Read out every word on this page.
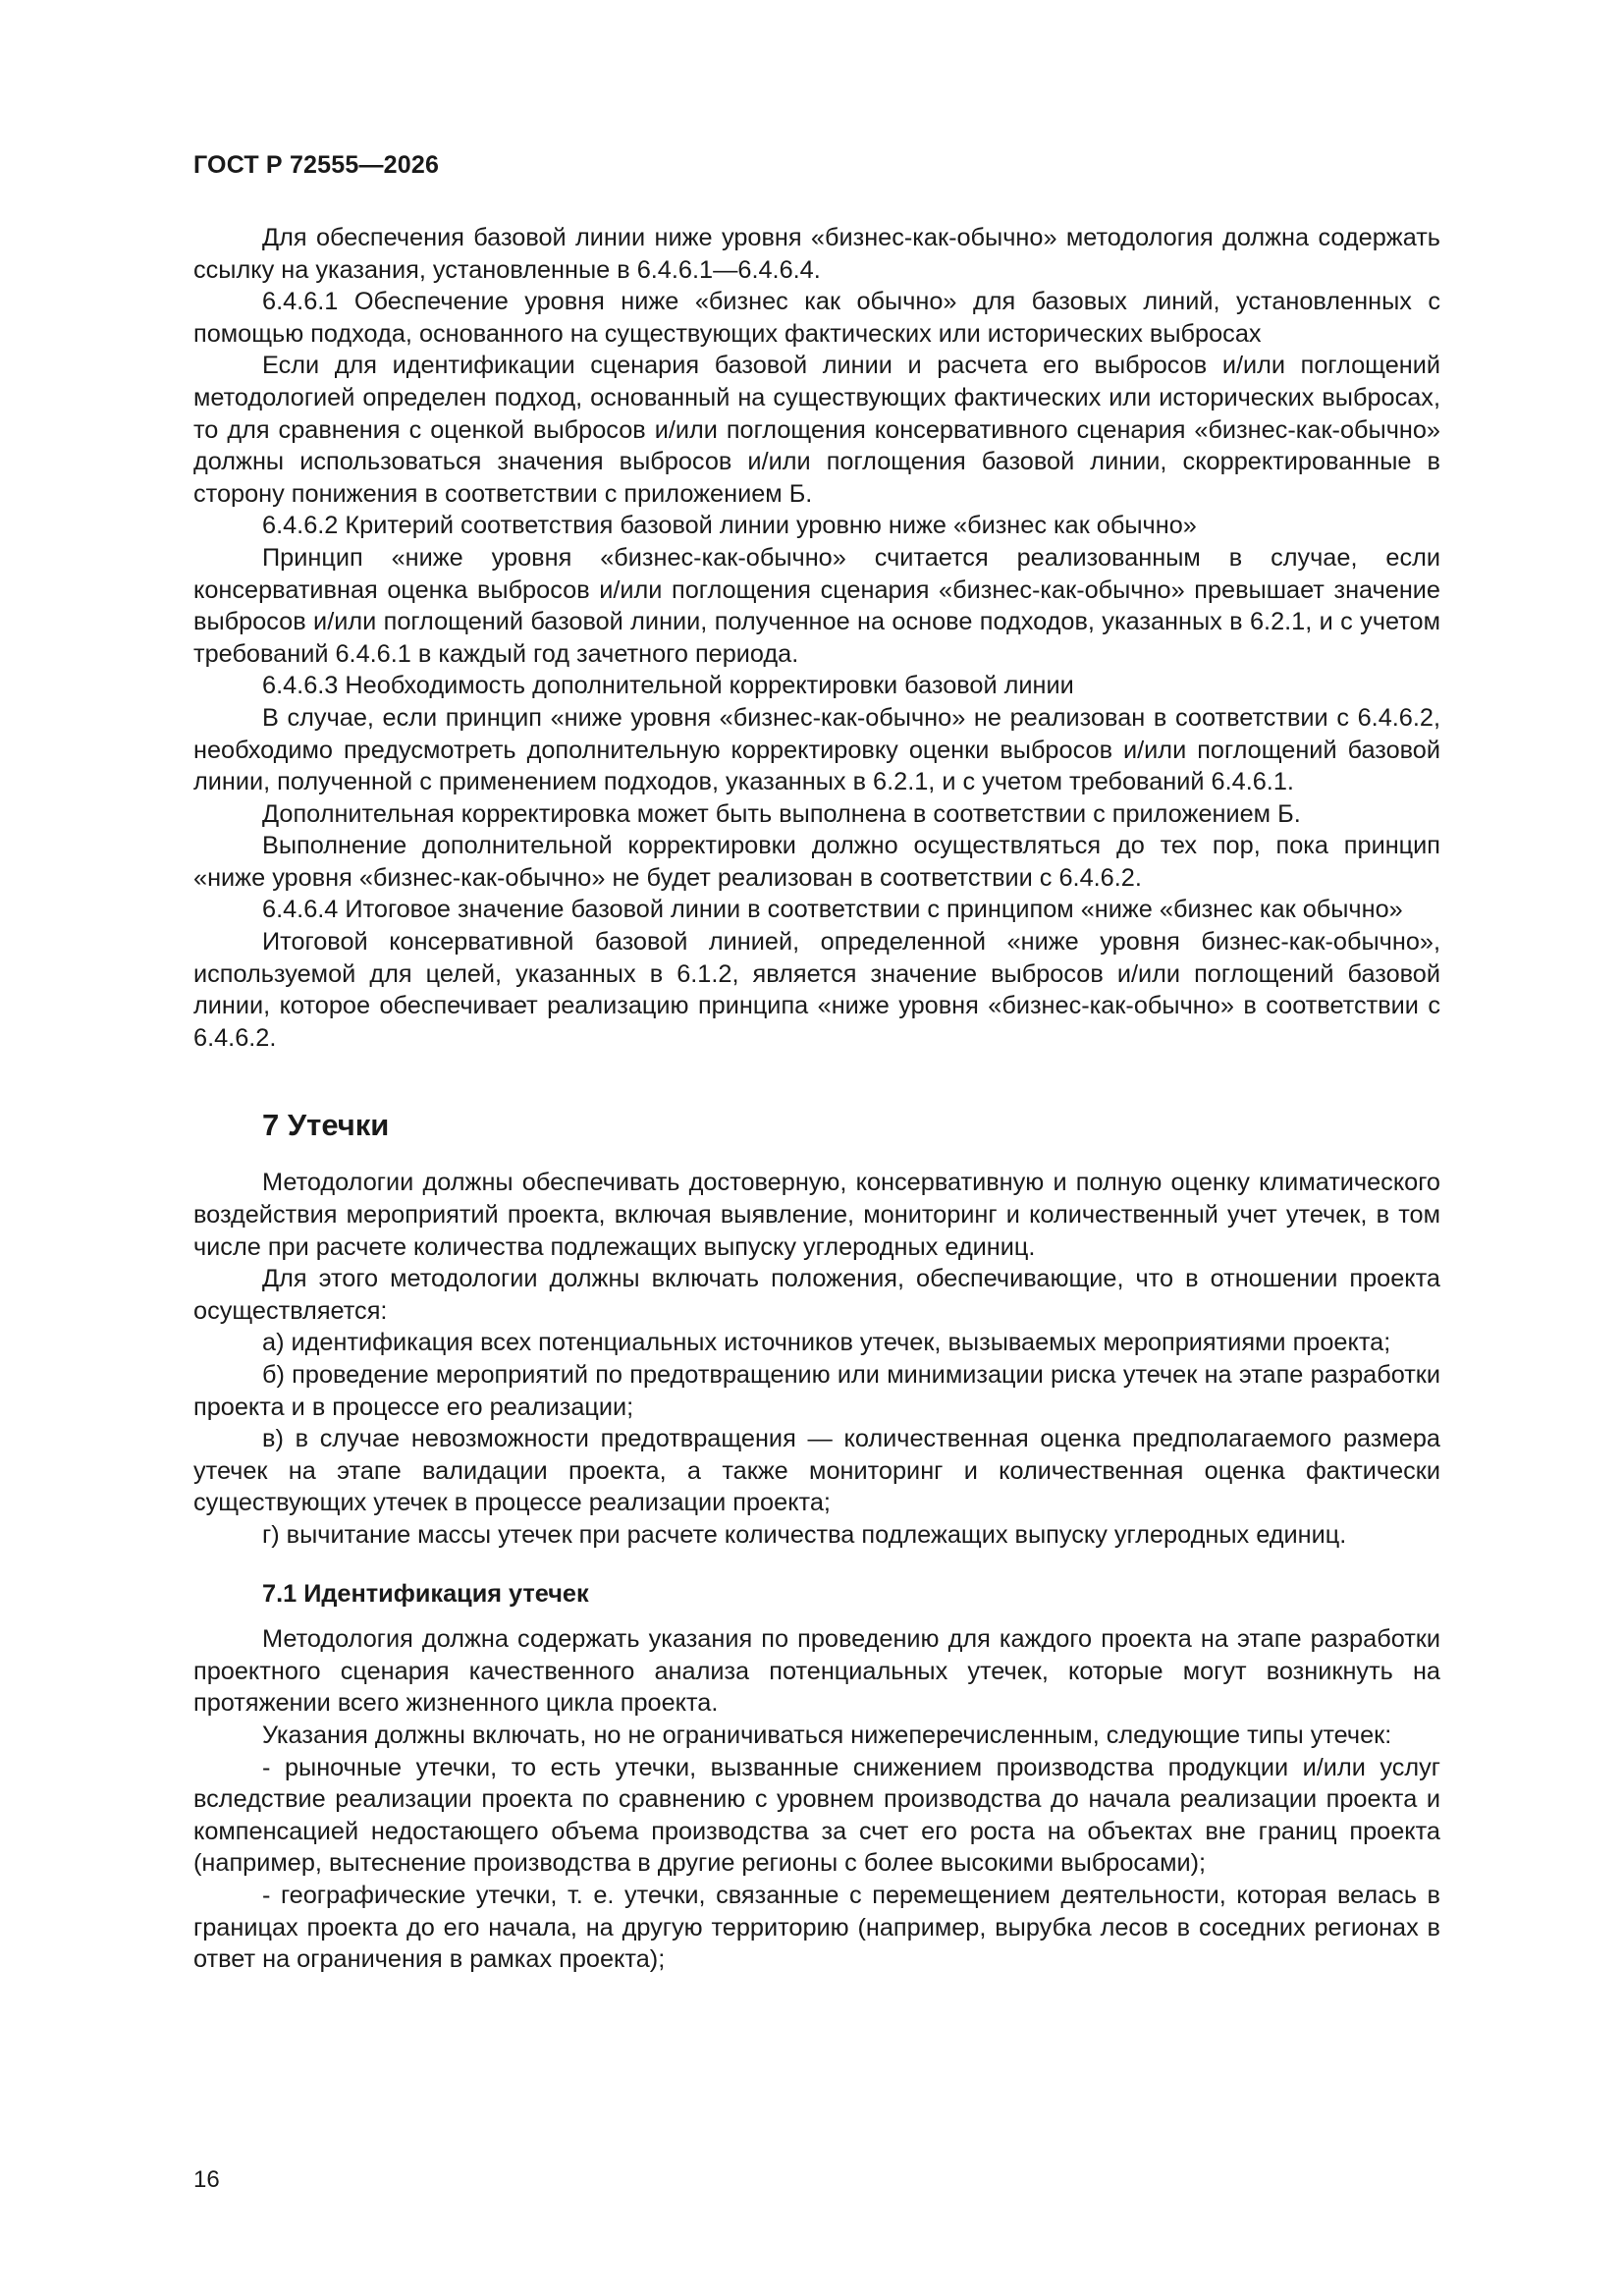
ГОСТ Р 72555—2026

Для обеспечения базовой линии ниже уровня «бизнес-как-обычно» методология должна содержать ссылку на указания, установленные в 6.4.6.1—6.4.6.4.

6.4.6.1 Обеспечение уровня ниже «бизнес как обычно» для базовых линий, установленных с помощью подхода, основанного на существующих фактических или исторических выбросах

Если для идентификации сценария базовой линии и расчета его выбросов и/или поглощений методологией определен подход, основанный на существующих фактических или исторических выбросах, то для сравнения с оценкой выбросов и/или поглощения консервативного сценария «бизнес-как-обычно» должны использоваться значения выбросов и/или поглощения базовой линии, скорректированные в сторону понижения в соответствии с приложением Б.

6.4.6.2 Критерий соответствия базовой линии уровню ниже «бизнес как обычно»

Принцип «ниже уровня «бизнес-как-обычно» считается реализованным в случае, если консервативная оценка выбросов и/или поглощения сценария «бизнес-как-обычно» превышает значение выбросов и/или поглощений базовой линии, полученное на основе подходов, указанных в 6.2.1, и с учетом требований 6.4.6.1 в каждый год зачетного периода.

6.4.6.3 Необходимость дополнительной корректировки базовой линии

В случае, если принцип «ниже уровня «бизнес-как-обычно» не реализован в соответствии с 6.4.6.2, необходимо предусмотреть дополнительную корректировку оценки выбросов и/или поглощений базовой линии, полученной с применением подходов, указанных в 6.2.1, и с учетом требований 6.4.6.1.

Дополнительная корректировка может быть выполнена в соответствии с приложением Б.

Выполнение дополнительной корректировки должно осуществляться до тех пор, пока принцип «ниже уровня «бизнес-как-обычно» не будет реализован в соответствии с 6.4.6.2.

6.4.6.4 Итоговое значение базовой линии в соответствии с принципом «ниже «бизнес как обычно»

Итоговой консервативной базовой линией, определенной «ниже уровня бизнес-как-обычно», используемой для целей, указанных в 6.1.2, является значение выбросов и/или поглощений базовой линии, которое обеспечивает реализацию принципа «ниже уровня «бизнес-как-обычно» в соответствии с 6.4.6.2.

7 Утечки

Методологии должны обеспечивать достоверную, консервативную и полную оценку климатического воздействия мероприятий проекта, включая выявление, мониторинг и количественный учет утечек, в том числе при расчете количества подлежащих выпуску углеродных единиц.

Для этого методологии должны включать положения, обеспечивающие, что в отношении проекта осуществляется:

а) идентификация всех потенциальных источников утечек, вызываемых мероприятиями проекта;

б) проведение мероприятий по предотвращению или минимизации риска утечек на этапе разработки проекта и в процессе его реализации;

в) в случае невозможности предотвращения — количественная оценка предполагаемого размера утечек на этапе валидации проекта, а также мониторинг и количественная оценка фактически существующих утечек в процессе реализации проекта;

г) вычитание массы утечек при расчете количества подлежащих выпуску углеродных единиц.

7.1 Идентификация утечек

Методология должна содержать указания по проведению для каждого проекта на этапе разработки проектного сценария качественного анализа потенциальных утечек, которые могут возникнуть на протяжении всего жизненного цикла проекта.

Указания должны включать, но не ограничиваться нижеперечисленным, следующие типы утечек:

- рыночные утечки, то есть утечки, вызванные снижением производства продукции и/или услуг вследствие реализации проекта по сравнению с уровнем производства до начала реализации проекта и компенсацией недостающего объема производства за счет его роста на объектах вне границ проекта (например, вытеснение производства в другие регионы с более высокими выбросами);

- географические утечки, т. е. утечки, связанные с перемещением деятельности, которая велась в границах проекта до его начала, на другую территорию (например, вырубка лесов в соседних регионах в ответ на ограничения в рамках проекта);

16
